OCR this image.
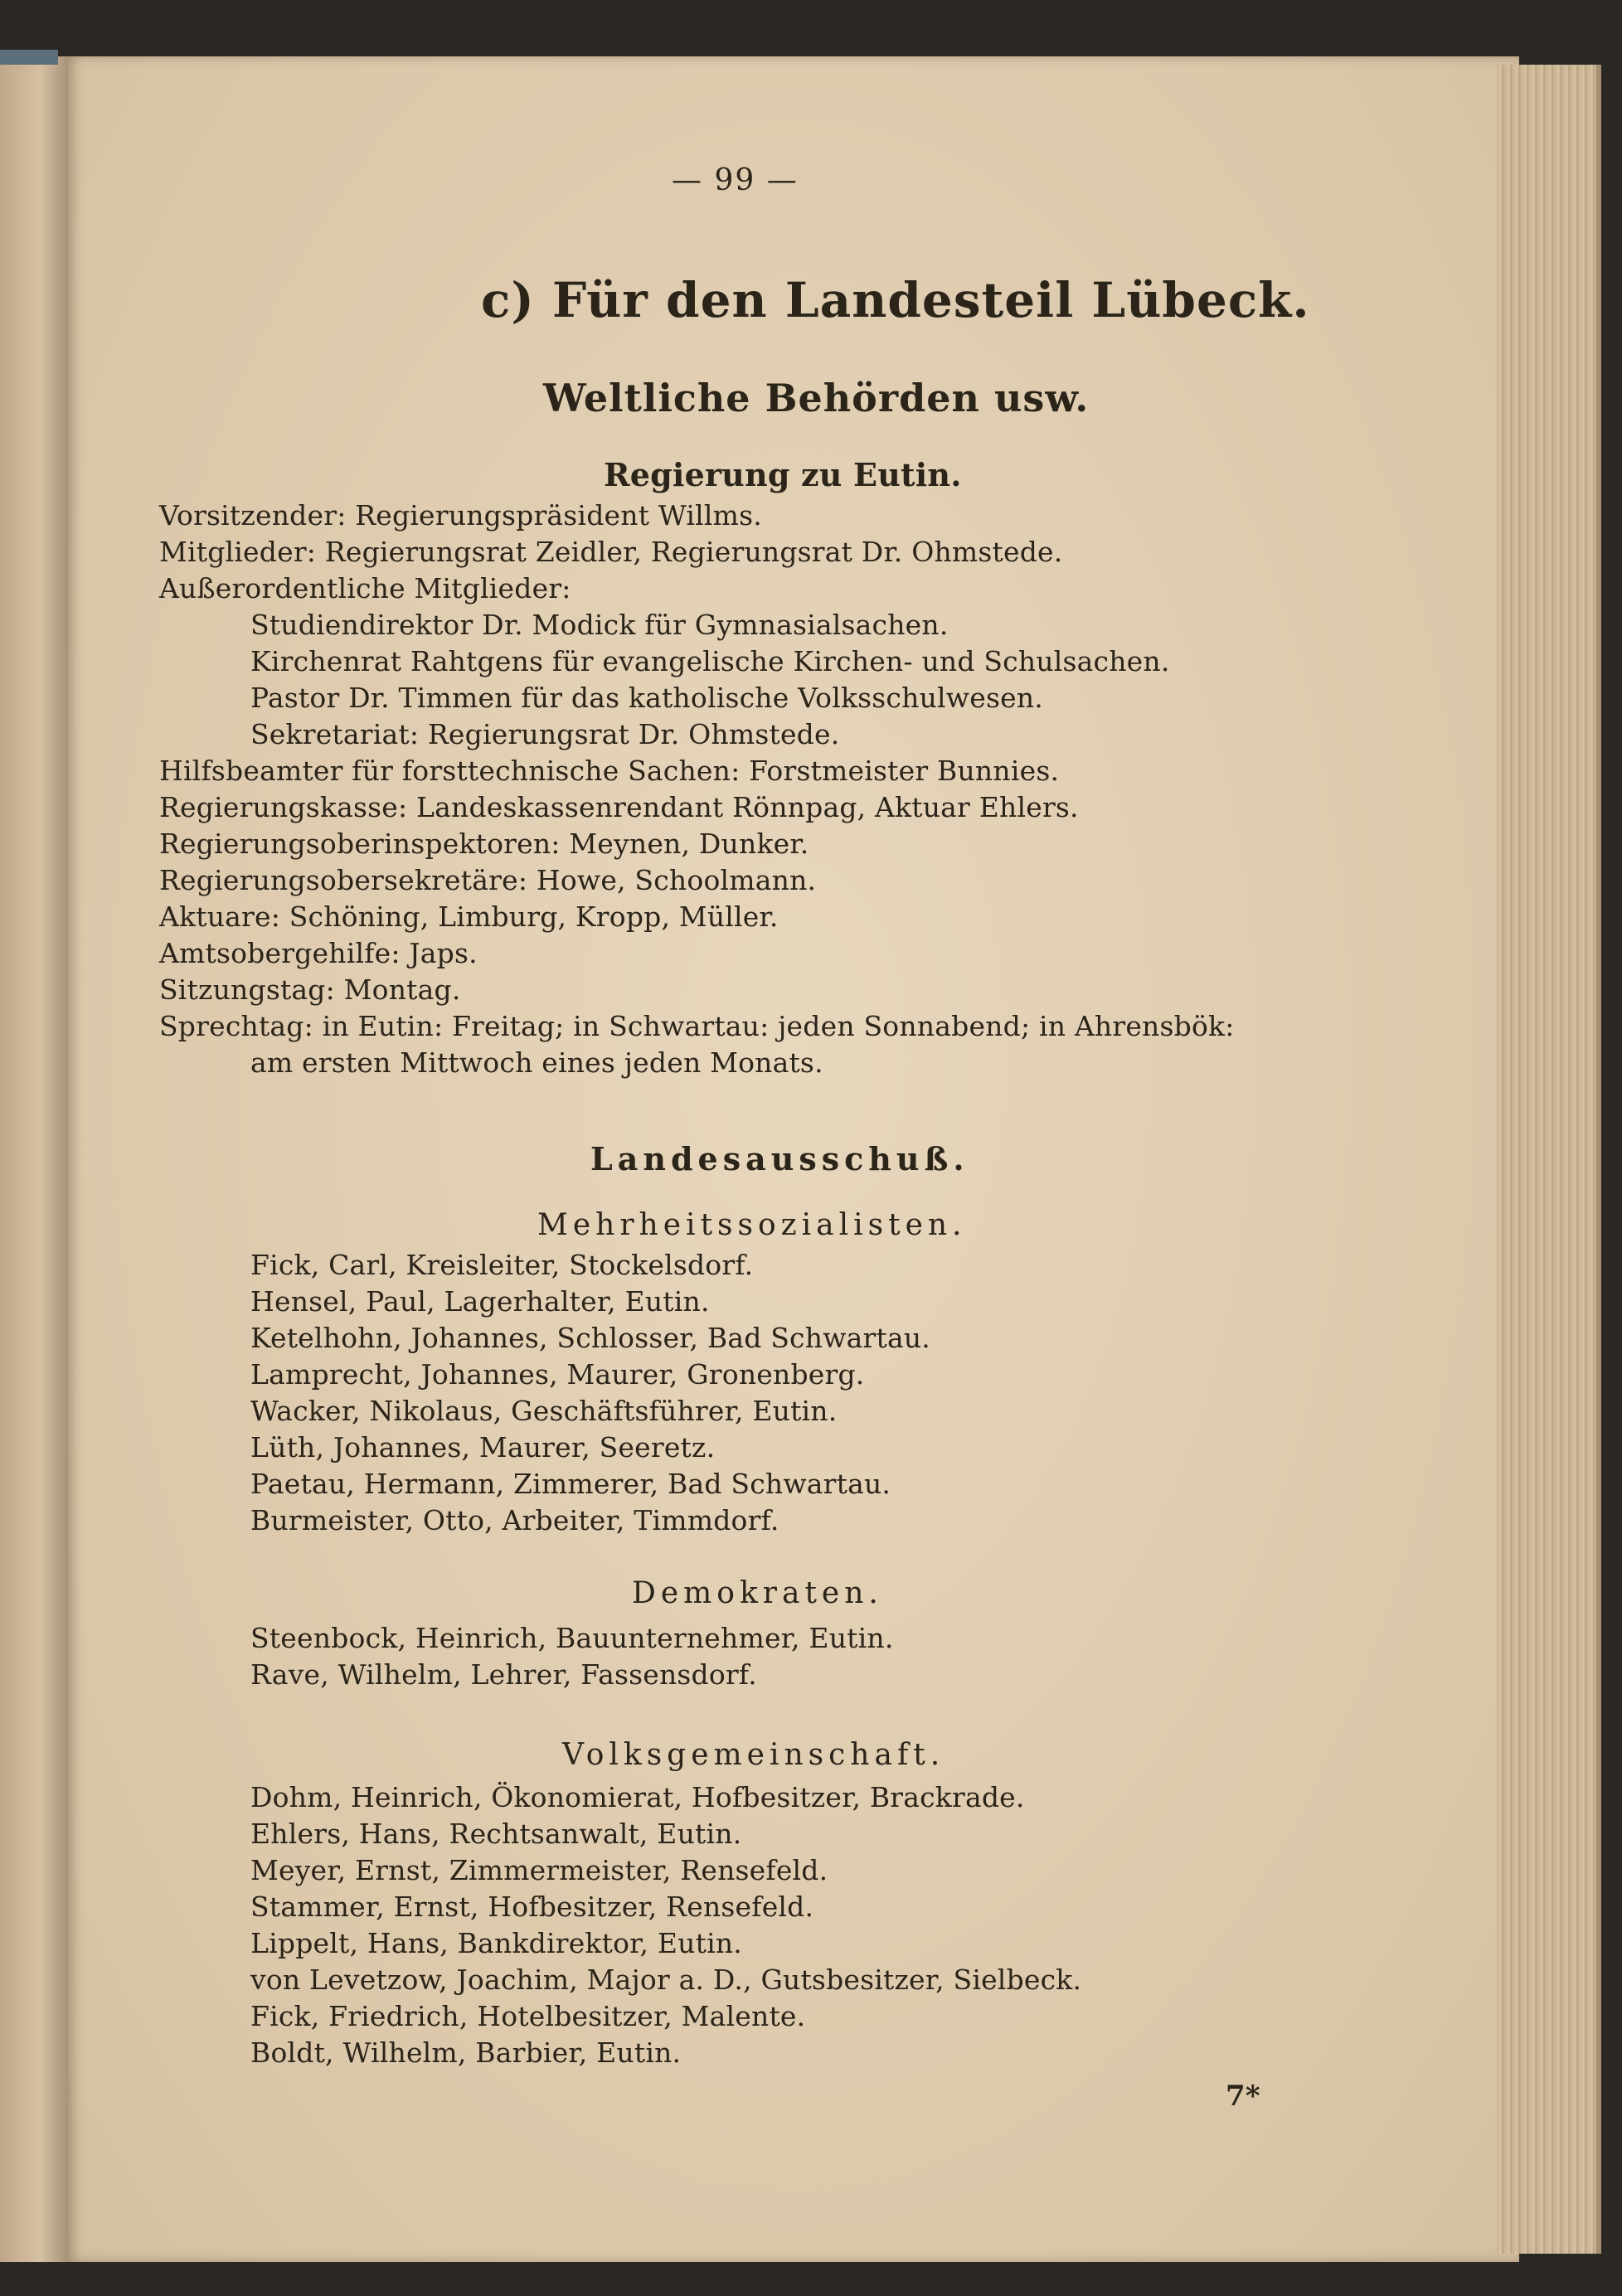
— 99 —
c) Für den Landesteil Lübeck.
Weltliche Behörden usw.
Regierung zu Eutin.
Vorsitzender: Regierungspräsident Willms.
Mitglieder: Regierungsrat Zeidler, Regierungsrat Dr. Ohmstede.
Außerordentliche Mitglieder:
Studiendirektor Dr. Modick für Gymnasialsachen.
Kirchenrat Rahtgens für evangelische Kirchen- und Schulsachen.
Pastor Dr. Timmen für das katholische Volksschulwesen.
Sekretariat: Regierungsrat Dr. Ohmstede.
Hilfsbeamter für forsttechnische Sachen: Forstmeister Bunnies.
Regierungskasse: Landeskassenrendant Rönnpag, Aktuar Ehlers.
Regierungsoberinspektoren: Meynen, Dunker.
Regierungsobersekretäre: Howe, Schoolmann.
Aktuare: Schöning, Limburg, Kropp, Müller.
Amtsobergehilfe: Japs.
Sitzungstag: Montag.
Sprechtag: in Eutin: Freitag; in Schwartau: jeden Sonnabend; in Ahrensbök:
am ersten Mittwoch eines jeden Monats.
Landesausschuß.
Mehrheitssozialisten.
Fick, Carl, Kreisleiter, Stockelsdorf.
Hensel, Paul, Lagerhalter, Eutin.
Ketelhohn, Johannes, Schlosser, Bad Schwartau.
Lamprecht, Johannes, Maurer, Gronenberg.
Wacker, Nikolaus, Geschäftsführer, Eutin.
Lüth, Johannes, Maurer, Seeretz.
Paetau, Hermann, Zimmerer, Bad Schwartau.
Burmeister, Otto, Arbeiter, Timmdorf.
Demokraten.
Steenbock, Heinrich, Bauunternehmer, Eutin.
Rave, Wilhelm, Lehrer, Fassensdorf.
Volksgemeinschaft.
Dohm, Heinrich, Ökonomierat, Hofbesitzer, Brackrade.
Ehlers, Hans, Rechtsanwalt, Eutin.
Meyer, Ernst, Zimmermeister, Rensefeld.
Stammer, Ernst, Hofbesitzer, Rensefeld.
Lippelt, Hans, Bankdirektor, Eutin.
von Levetzow, Joachim, Major a. D., Gutsbesitzer, Sielbeck.
Fick, Friedrich, Hotelbesitzer, Malente.
Boldt, Wilhelm, Barbier, Eutin.
7*
